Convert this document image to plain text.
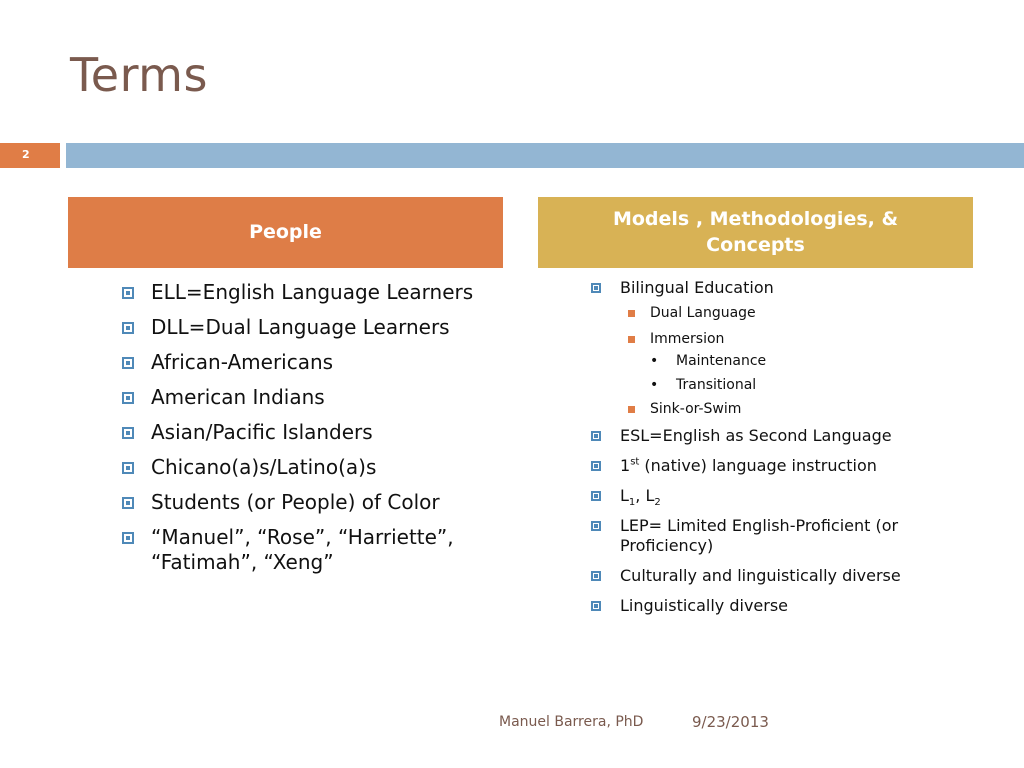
Terms
2
People
Models , Methodologies, &
Concepts
ELL=English Language Learners
DLL=Dual Language Learners
African-Americans
American Indians
Asian/Pacific Islanders
Chicano(a)s/Latino(a)s
Students (or People) of Color
“Manuel”, “Rose”, “Harriette”, “Fatimah”, “Xeng”
Bilingual Education
Dual Language
Immersion
• Maintenance
• Transitional
Sink-or-Swim
ESL=English as Second Language
1st (native) language instruction
$L_1$, $L_2$
LEP= Limited English-Proficient (or Proficiency)
Culturally and linguistically diverse
Linguistically diverse
Manuel Barrera, PhD	9/23/2013
